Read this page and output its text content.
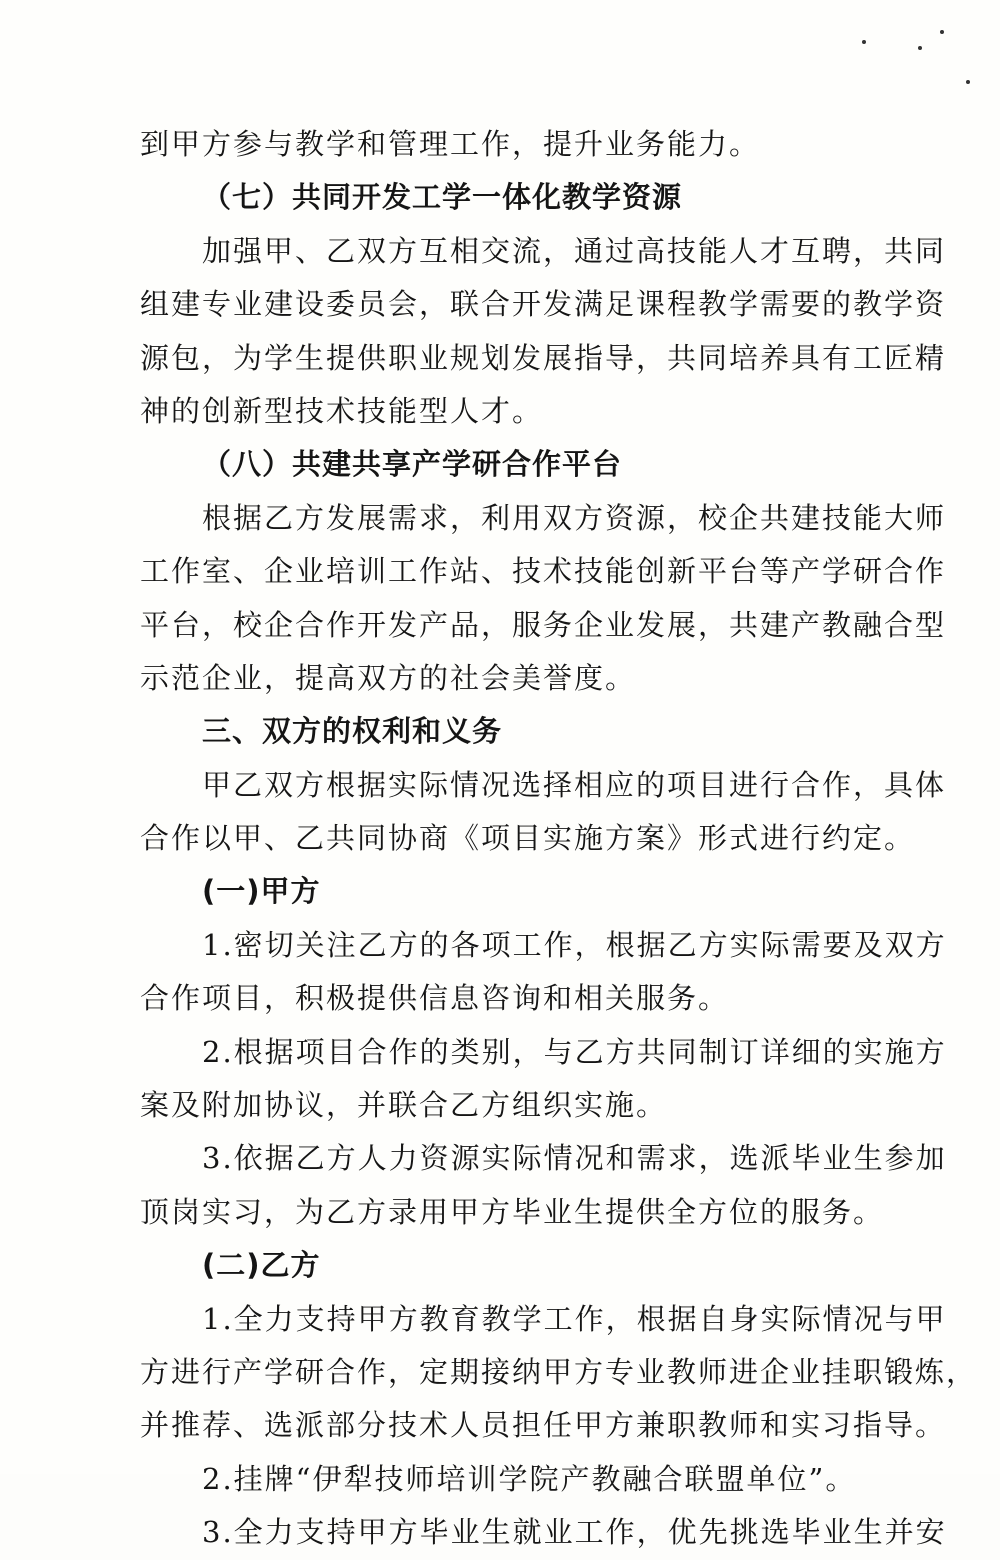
到甲方参与教学和管理工作，提升业务能力。
（七）共同开发工学一体化教学资源
加强甲、乙双方互相交流，通过高技能人才互聘，共同
组建专业建设委员会，联合开发满足课程教学需要的教学资
源包，为学生提供职业规划发展指导，共同培养具有工匠精
神的创新型技术技能型人才。
（八）共建共享产学研合作平台
根据乙方发展需求，利用双方资源，校企共建技能大师
工作室、企业培训工作站、技术技能创新平台等产学研合作
平台，校企合作开发产品，服务企业发展，共建产教融合型
示范企业，提高双方的社会美誉度。
三、双方的权利和义务
甲乙双方根据实际情况选择相应的项目进行合作，具体
合作以甲、乙共同协商《项目实施方案》形式进行约定。
(一)甲方
1.密切关注乙方的各项工作，根据乙方实际需要及双方
合作项目，积极提供信息咨询和相关服务。
2.根据项目合作的类别，与乙方共同制订详细的实施方
案及附加协议，并联合乙方组织实施。
3.依据乙方人力资源实际情况和需求，选派毕业生参加
顶岗实习，为乙方录用甲方毕业生提供全方位的服务。
(二)乙方
1.全力支持甲方教育教学工作，根据自身实际情况与甲
方进行产学研合作，定期接纳甲方专业教师进企业挂职锻炼，
并推荐、选派部分技术人员担任甲方兼职教师和实习指导。
2.挂牌“伊犁技师培训学院产教融合联盟单位”。
3.全力支持甲方毕业生就业工作，优先挑选毕业生并安
